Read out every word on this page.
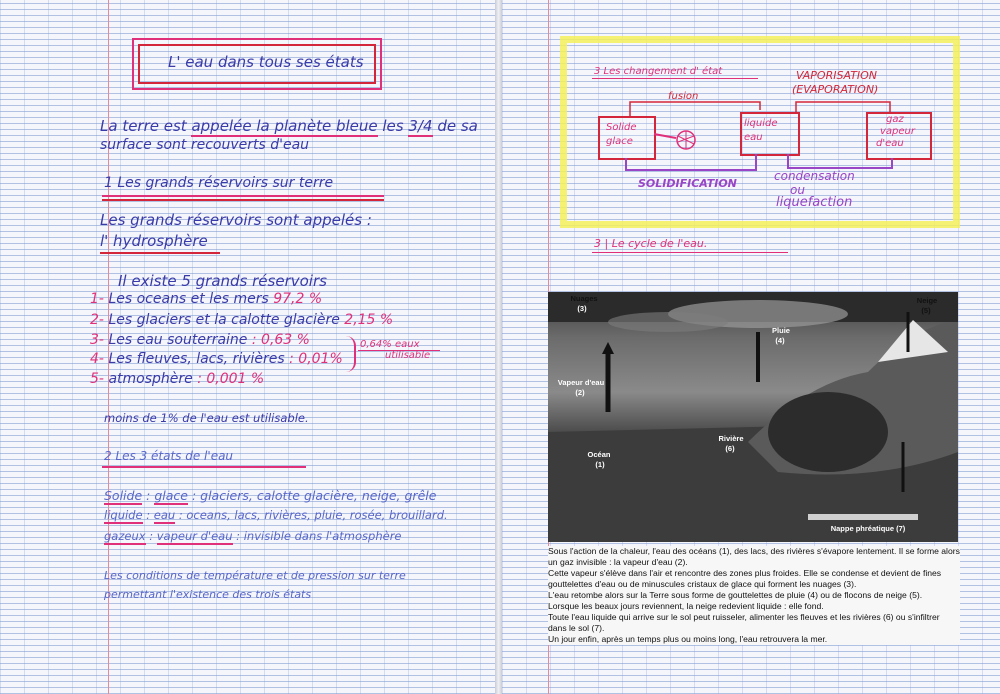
L' eau dans tous ses états
La terre est appelée la planète bleue les 3/4 de sa
surface sont recouverts d'eau
1 Les grands réservoirs sur terre
Les grands réservoirs sont appelés :
l' hydrosphère
Il existe 5 grands réservoirs
1- Les oceans et les mers 97,2 %
2- Les glaciers et la calotte glacière 2,15 %
3- Les eau souterraine : 0,63 %
4- Les fleuves, lacs, rivières : 0,01%
5- atmosphère : 0,001 %
0,64% eaux
utilisable
moins de 1% de l'eau est utilisable.
2 Les 3 états de l'eau
Solide : glace : glaciers, calotte glacière, neige, grêle
liquide : eau : oceans, lacs, rivières, pluie, rosée, brouillard.
gazeux : vapeur d'eau : invisible dans l'atmosphère
Les conditions de température et de pression sur terre
permettant l'existence des trois états
3 Les changement d' état
Solide
glace
liquide
eau
gaz
vapeur
d'eau
fusion
VAPORISATION
(EVAPORATION)
SOLIDIFICATION
condensation
ou
liquefaction
3 | Le cycle de l'eau.
Nuages
(3)
Neige
(5)
Pluie
(4)
Vapeur d'eau
(2)
Rivière
(6)
Océan
(1)
Nappe phréatique (7)

Sous l'action de la chaleur, l'eau des océans (1), des lacs, des rivières s'évapore lentement. Il se forme alors un gaz invisible : la vapeur d'eau (2).

Cette vapeur s'élève dans l'air et rencontre des zones plus froides. Elle se condense et devient de fines gouttelettes d'eau ou de minuscules cristaux de glace qui forment les nuages (3).

L'eau retombe alors sur la Terre sous forme de gouttelettes de pluie (4) ou de flocons de neige (5).

Lorsque les beaux jours reviennent, la neige redevient liquide : elle fond.

Toute l'eau liquide qui arrive sur le sol peut ruisseler, alimenter les fleuves et les rivières (6) ou s'infiltrer dans le sol (7).

Un jour enfin, après un temps plus ou moins long, l'eau retrouvera la mer.
